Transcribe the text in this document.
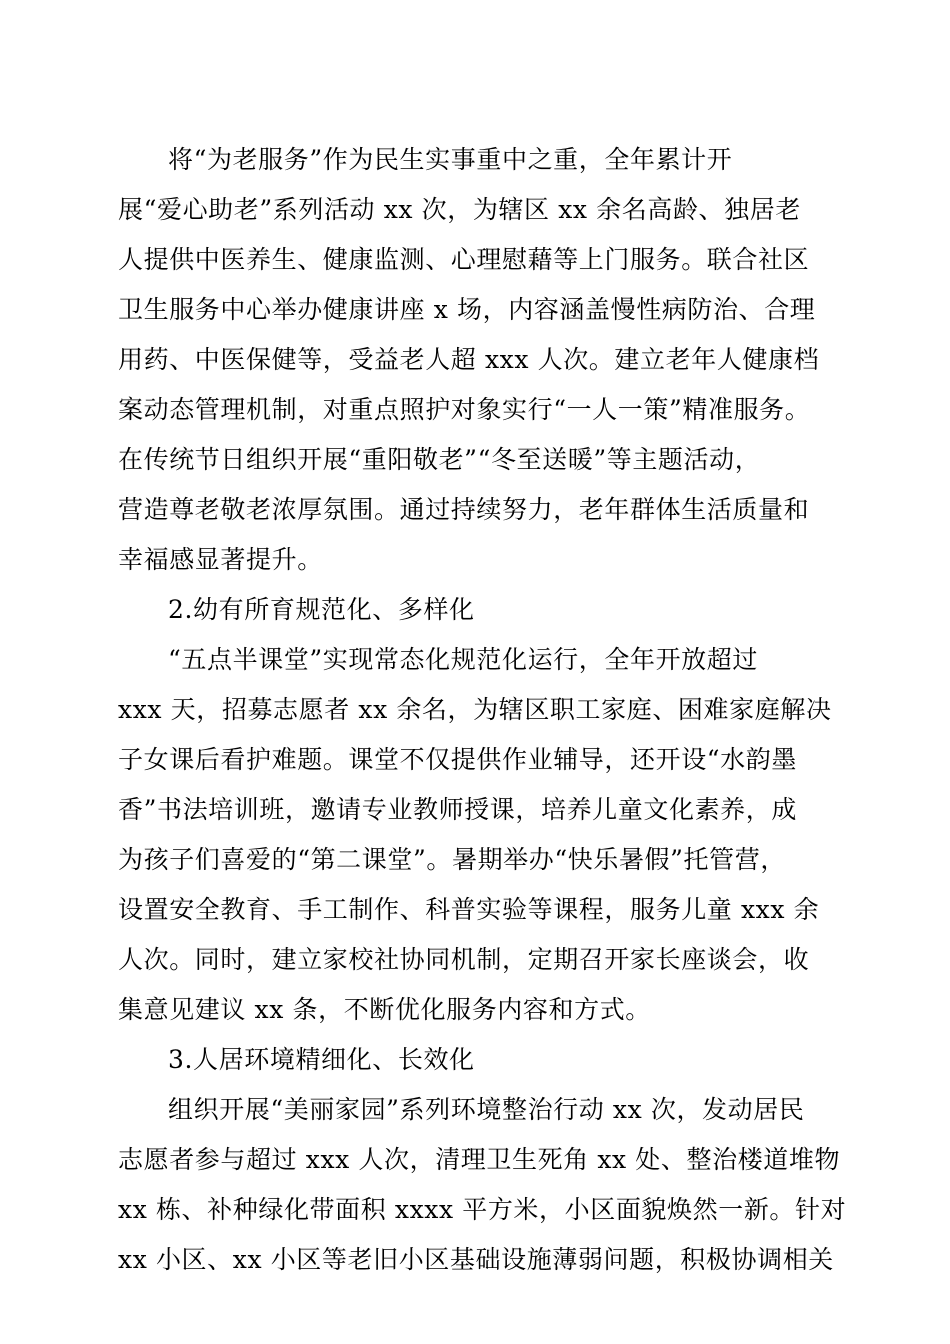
将“为老服务”作为民生实事重中之重，全年累计开
展“爱心助老”系列活动 xx 次，为辖区 xx 余名高龄、独居老
人提供中医养生、健康监测、心理慰藉等上门服务。联合社区
卫生服务中心举办健康讲座 x 场，内容涵盖慢性病防治、合理
用药、中医保健等，受益老人超 xxx 人次。建立老年人健康档
案动态管理机制，对重点照护对象实行“一人一策”精准服务。
在传统节日组织开展“重阳敬老”“冬至送暖”等主题活动，
营造尊老敬老浓厚氛围。通过持续努力，老年群体生活质量和
幸福感显著提升。
2.幼有所育规范化、多样化
“五点半课堂”实现常态化规范化运行，全年开放超过
xxx 天，招募志愿者 xx 余名，为辖区职工家庭、困难家庭解决
子女课后看护难题。课堂不仅提供作业辅导，还开设“水韵墨
香”书法培训班，邀请专业教师授课，培养儿童文化素养，成
为孩子们喜爱的“第二课堂”。暑期举办“快乐暑假”托管营，
设置安全教育、手工制作、科普实验等课程，服务儿童 xxx 余
人次。同时，建立家校社协同机制，定期召开家长座谈会，收
集意见建议 xx 条，不断优化服务内容和方式。
3.人居环境精细化、长效化
组织开展“美丽家园”系列环境整治行动 xx 次，发动居民
志愿者参与超过 xxx 人次，清理卫生死角 xx 处、整治楼道堆物
xx 栋、补种绿化带面积 xxxx 平方米，小区面貌焕然一新。针对
xx 小区、xx 小区等老旧小区基础设施薄弱问题，积极协调相关
